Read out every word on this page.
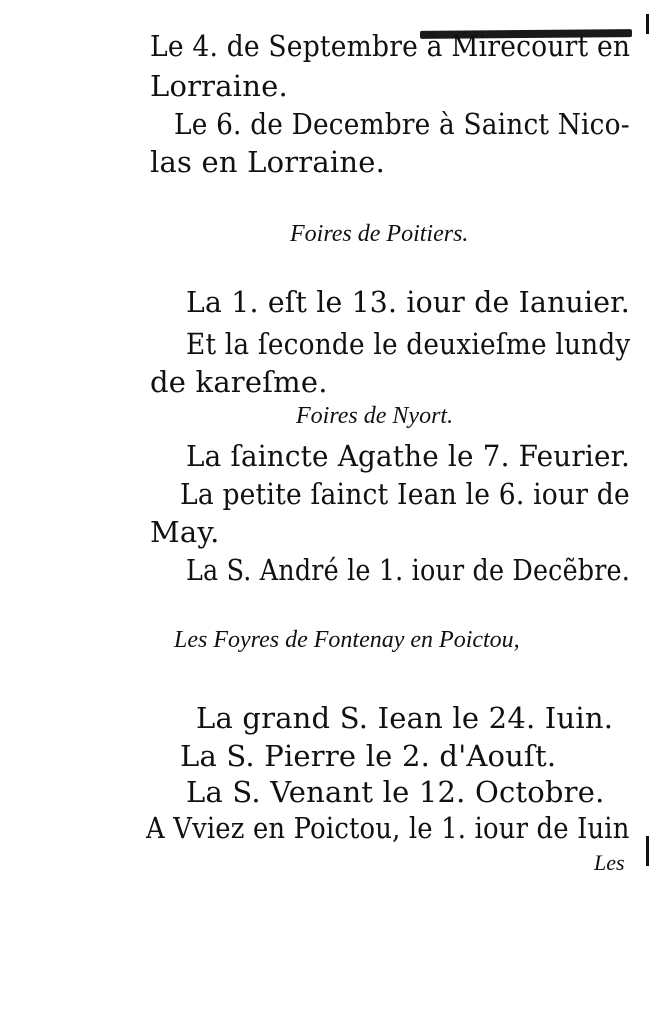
Le 4. de Septembre à Mirecourt en
Lorraine.
Le 6. de Decembre à Sainct Nico-
las en Lorraine.
Foires de Poitiers.
La 1. eſt le 13. iour de Ianuier.
Et la ſeconde le deuxieſme lundy
de kareſme.
Foires de Nyort.
La ſaincte Agathe le 7. Feurier.
La petite ſainct Iean le 6. iour de
May.
La S. André le 1. iour de Decẽbre.
Les Foyres de Fontenay en Poictou,
La grand S. Iean le 24. Iuin.
La S. Pierre le 2. d'Aouſt.
La S. Venant le 12. Octobre.
A Vviez en Poictou, le 1. iour de Iuin
Les
